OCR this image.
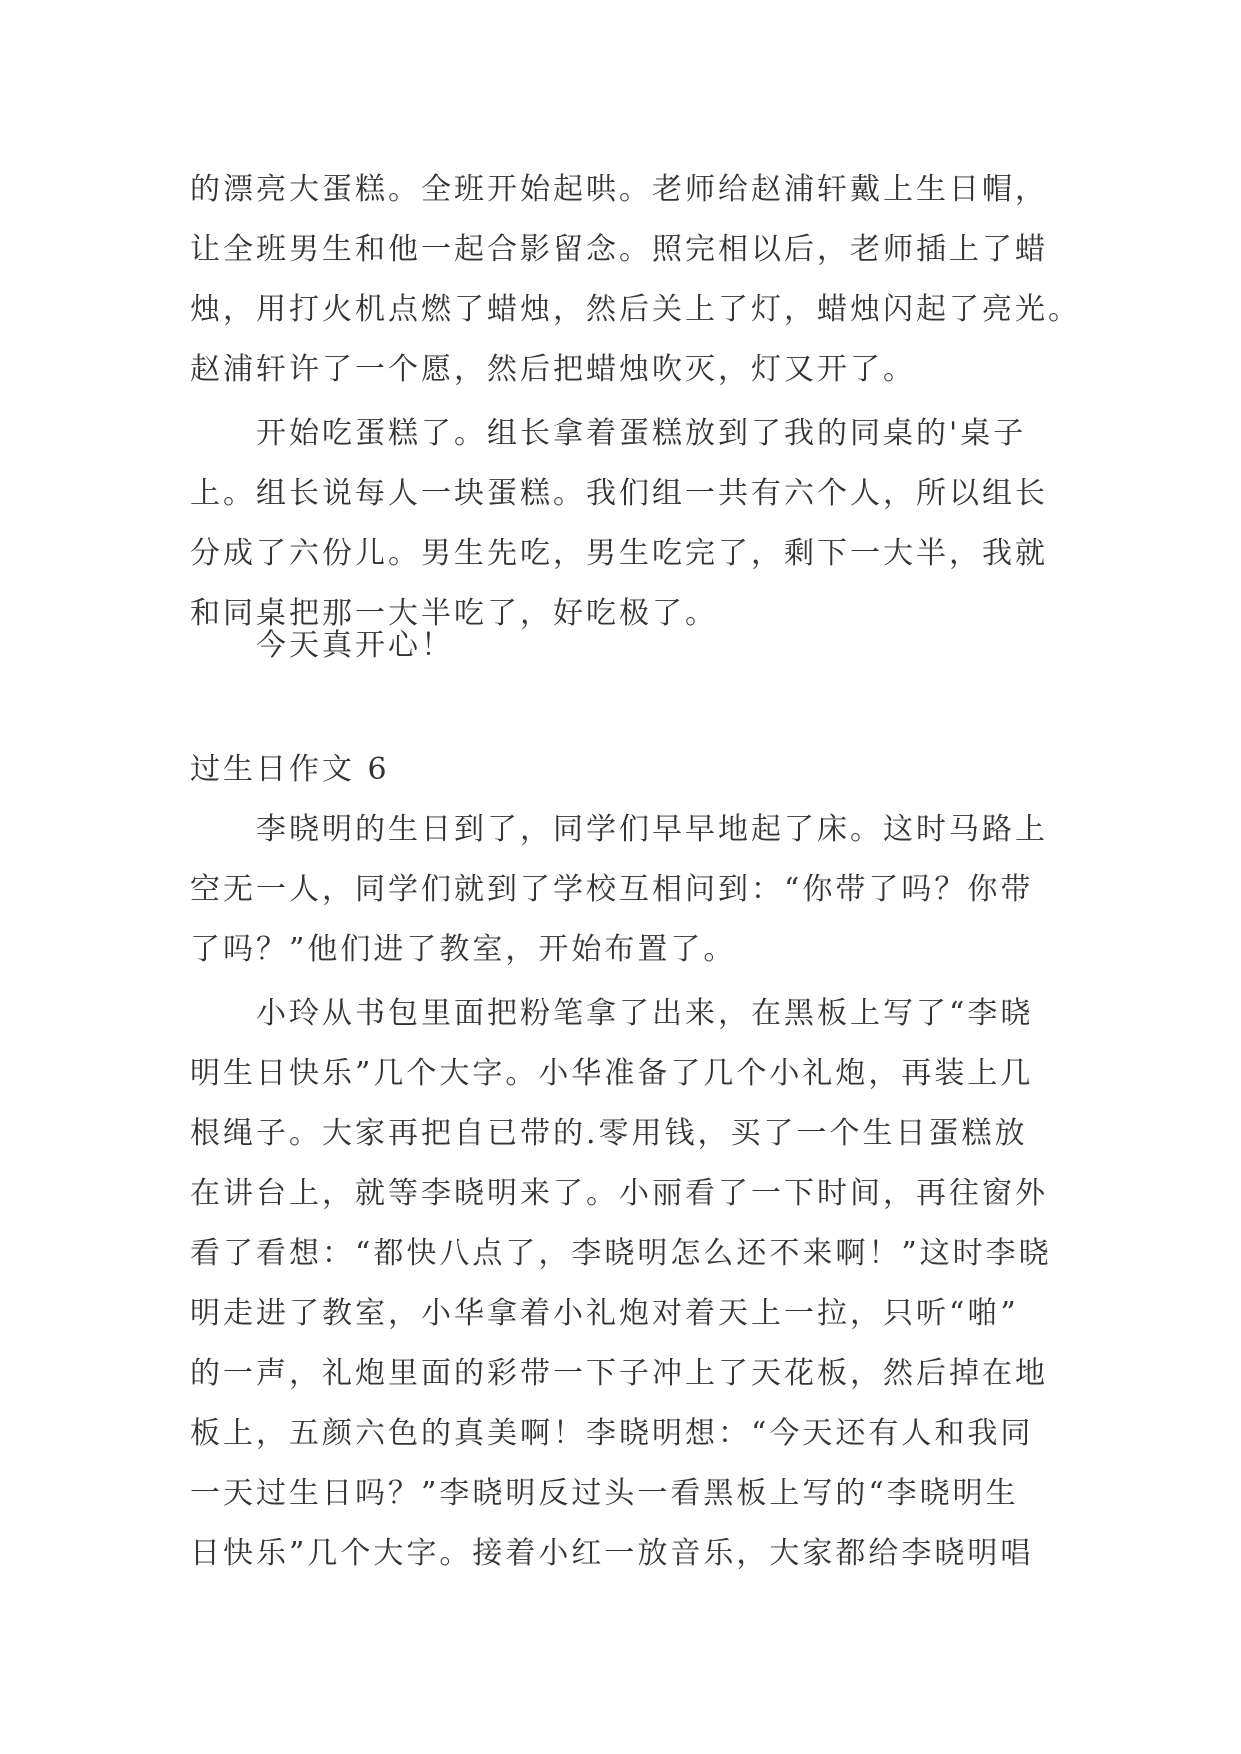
的漂亮大蛋糕。全班开始起哄。老师给赵浦轩戴上生日帽，
让全班男生和他一起合影留念。照完相以后，老师插上了蜡
烛，用打火机点燃了蜡烛，然后关上了灯，蜡烛闪起了亮光。
赵浦轩许了一个愿，然后把蜡烛吹灭，灯又开了。
开始吃蛋糕了。组长拿着蛋糕放到了我的同桌的'桌子
上。组长说每人一块蛋糕。我们组一共有六个人，所以组长
分成了六份儿。男生先吃，男生吃完了，剩下一大半，我就
和同桌把那一大半吃了，好吃极了。
今天真开心！
过生日作文 6
李晓明的生日到了，同学们早早地起了床。这时马路上
空无一人，同学们就到了学校互相问到：“你带了吗？你带
了吗？”他们进了教室，开始布置了。
小玲从书包里面把粉笔拿了出来，在黑板上写了“李晓
明生日快乐”几个大字。小华准备了几个小礼炮，再装上几
根绳子。大家再把自已带的.零用钱，买了一个生日蛋糕放
在讲台上，就等李晓明来了。小丽看了一下时间，再往窗外
看了看想：“都快八点了，李晓明怎么还不来啊！”这时李晓
明走进了教室，小华拿着小礼炮对着天上一拉，只听“啪”
的一声，礼炮里面的彩带一下子冲上了天花板，然后掉在地
板上，五颜六色的真美啊！李晓明想：“今天还有人和我同
一天过生日吗？”李晓明反过头一看黑板上写的“李晓明生
日快乐”几个大字。接着小红一放音乐，大家都给李晓明唱
